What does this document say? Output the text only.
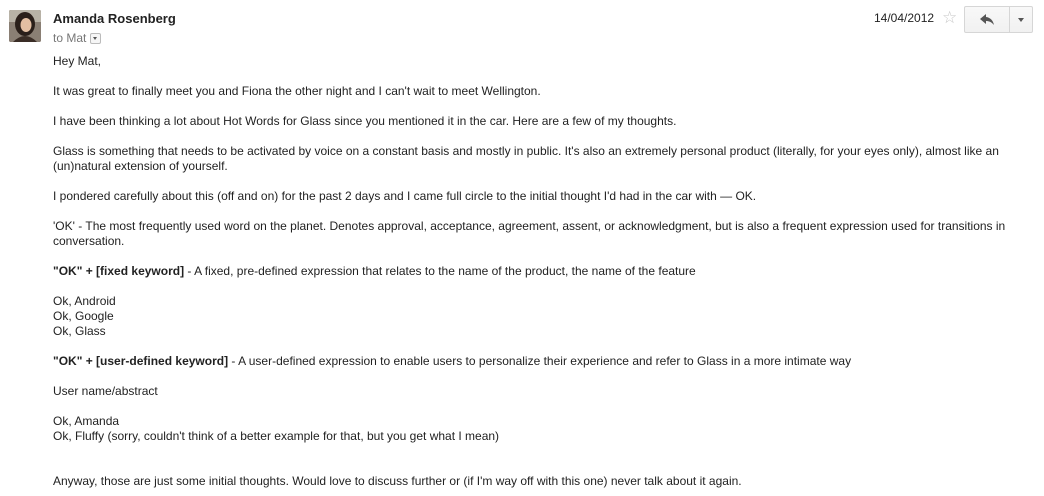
Amanda Rosenberg
to Mat
14/04/2012 ☆

Hey Mat,

It was great to finally meet you and Fiona the other night and I can't wait to meet Wellington.

I have been thinking a lot about Hot Words for Glass since you mentioned it in the car. Here are a few of my thoughts.

Glass is something that needs to be activated by voice on a constant basis and mostly in public. It's also an extremely personal product (literally, for your eyes only), almost like an (un)natural extension of yourself.

I pondered carefully about this (off and on) for the past 2 days and I came full circle to the initial thought I'd had in the car with — OK.

'OK' - The most frequently used word on the planet. Denotes approval, acceptance, agreement, assent, or acknowledgment, but is also a frequent expression used for transitions in conversation.

"OK" + [fixed keyword] - A fixed, pre-defined expression that relates to the name of the product, the name of the feature

Ok, Android
Ok, Google
Ok, Glass

"OK" + [user-defined keyword] - A user-defined expression to enable users to personalize their experience and refer to Glass in a more intimate way

User name/abstract

Ok, Amanda
Ok, Fluffy (sorry, couldn't think of a better example for that, but you get what I mean)

Anyway, those are just some initial thoughts. Would love to discuss further or (if I'm way off with this one) never talk about it again.
